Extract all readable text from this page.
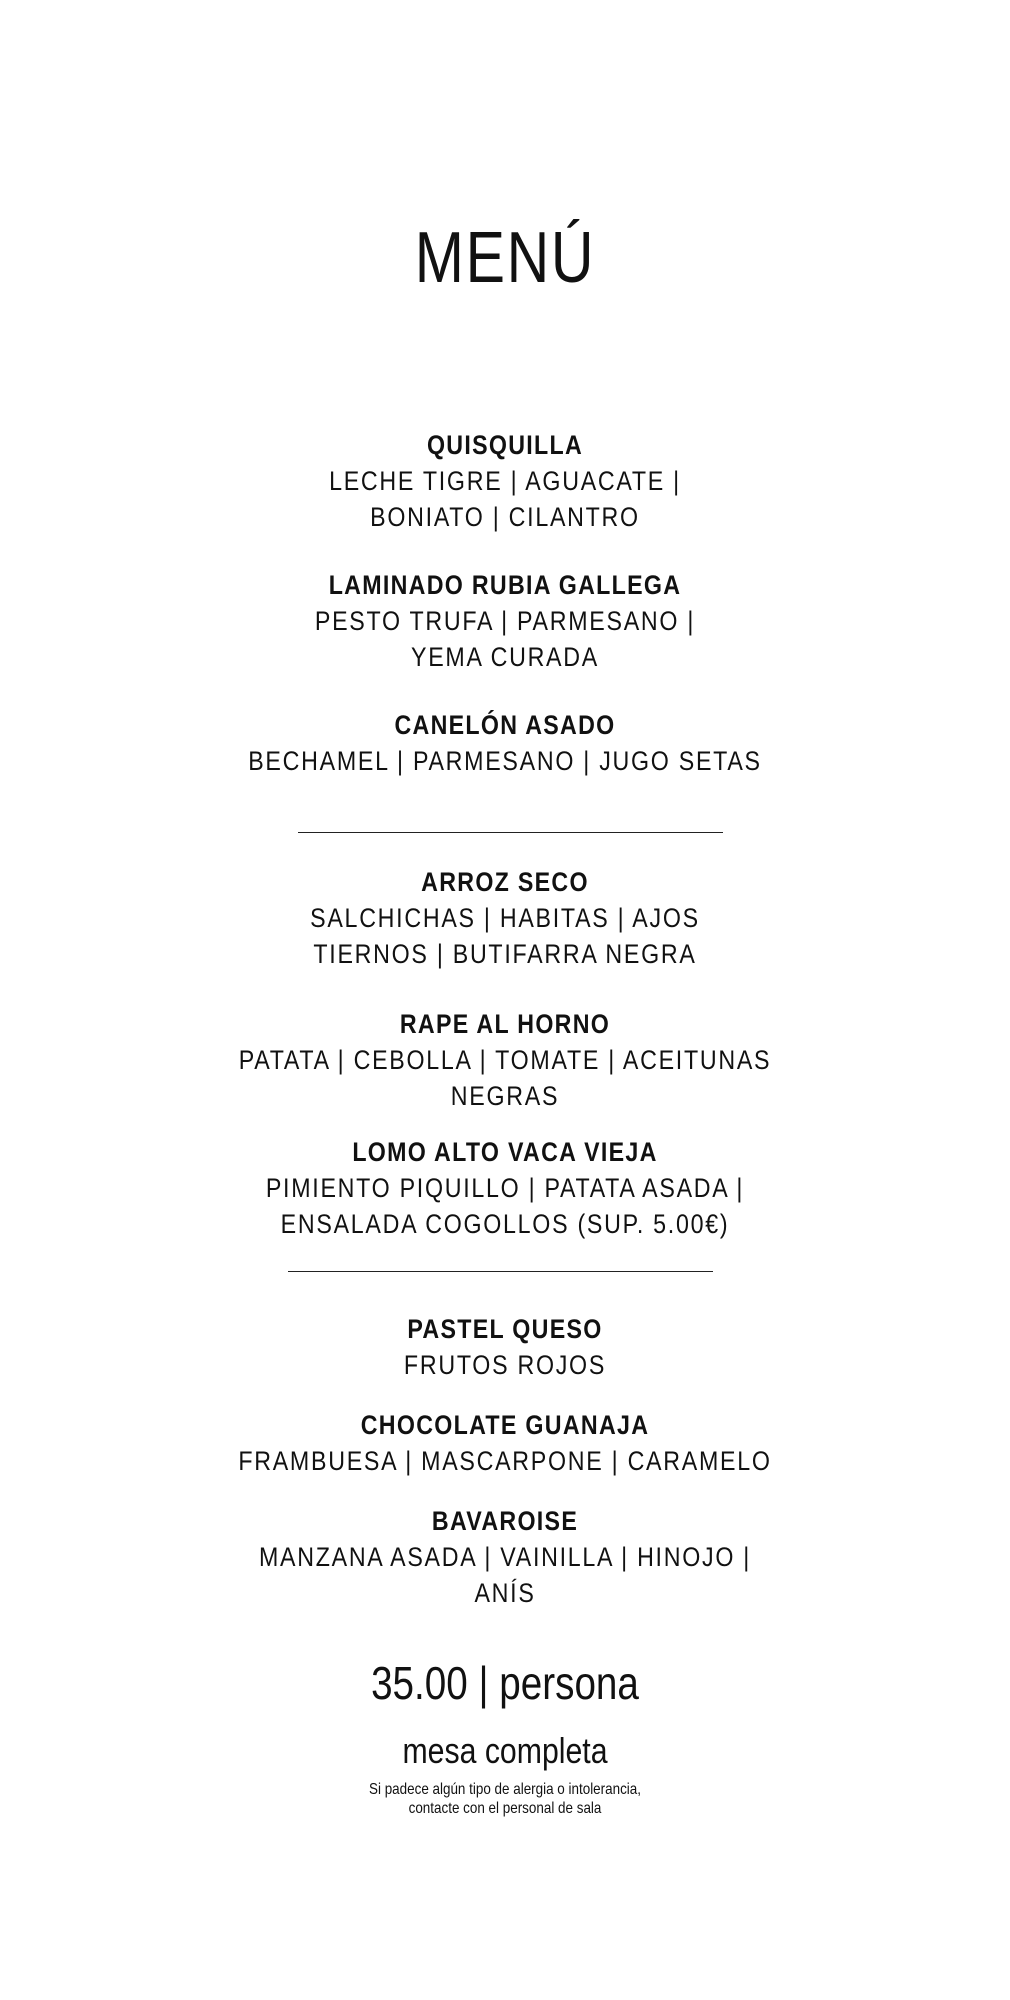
MENÚ
QUISQUILLA
LECHE TIGRE | AGUACATE |
BONIATO | CILANTRO
LAMINADO RUBIA GALLEGA
PESTO TRUFA | PARMESANO |
YEMA CURADA
CANELÓN ASADO
BECHAMEL | PARMESANO | JUGO SETAS
ARROZ SECO
SALCHICHAS | HABITAS | AJOS
TIERNOS | BUTIFARRA NEGRA
RAPE AL HORNO
PATATA | CEBOLLA | TOMATE | ACEITUNAS
NEGRAS
LOMO ALTO VACA VIEJA
PIMIENTO PIQUILLO | PATATA ASADA |
ENSALADA COGOLLOS (SUP. 5.00€)
PASTEL QUESO
FRUTOS ROJOS
CHOCOLATE GUANAJA
FRAMBUESA | MASCARPONE | CARAMELO
BAVAROISE
MANZANA ASADA | VAINILLA | HINOJO |
ANÍS
35.00 | persona
mesa completa
Si padece algún tipo de alergia o intolerancia,
contacte con el personal de sala
